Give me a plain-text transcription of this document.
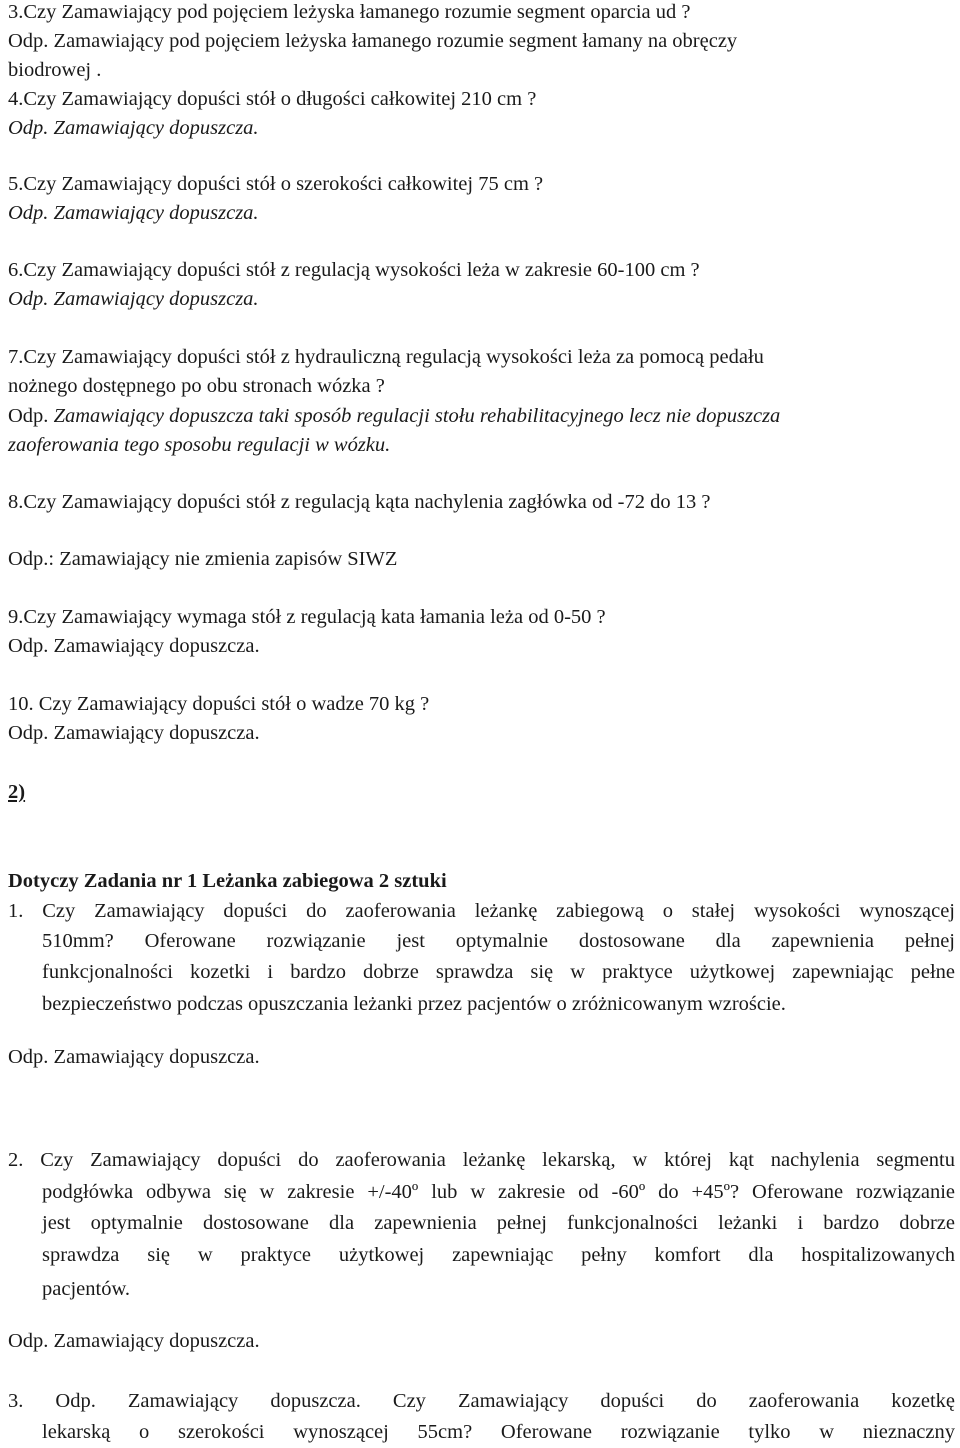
3.Czy Zamawiający pod pojęciem leżyska łamanego rozumie segment oparcia ud ?
Odp. Zamawiający pod pojęciem leżyska łamanego rozumie segment łamany na obręczy
biodrowej .
4.Czy Zamawiający dopuści stół o długości całkowitej 210 cm ?
Odp. Zamawiający dopuszcza.
5.Czy Zamawiający dopuści stół o szerokości całkowitej 75 cm ?
Odp. Zamawiający dopuszcza.
6.Czy Zamawiający dopuści stół z regulacją wysokości leża w zakresie 60-100 cm ?
Odp. Zamawiający dopuszcza.
7.Czy Zamawiający dopuści stół z hydrauliczną regulacją wysokości leża za pomocą pedału
nożnego dostępnego po obu stronach wózka ?
Odp. Zamawiający dopuszcza taki sposób regulacji stołu rehabilitacyjnego lecz nie dopuszcza
zaoferowania tego sposobu regulacji w wózku.
8.Czy Zamawiający dopuści stół z regulacją kąta nachylenia zagłówka od -72 do 13 ?
Odp.: Zamawiający nie zmienia zapisów SIWZ
9.Czy Zamawiający wymaga stół z regulacją kata łamania leża od 0-50 ?
Odp. Zamawiający dopuszcza.
10. Czy Zamawiający dopuści stół o wadze 70 kg ?
Odp. Zamawiający dopuszcza.
2)
Dotyczy Zadania nr 1 Leżanka zabiegowa 2 sztuki
1. Czy Zamawiający dopuści do zaoferowania leżankę zabiegową o stałej wysokości wynoszącej
510mm? Oferowane rozwiązanie jest optymalnie dostosowane dla zapewnienia pełnej
funkcjonalności kozetki i bardzo dobrze sprawdza się w praktyce użytkowej zapewniając pełne
bezpieczeństwo podczas opuszczania leżanki przez pacjentów o zróżnicowanym wzroście.
Odp. Zamawiający dopuszcza.
2. Czy Zamawiający dopuści do zaoferowania leżankę lekarską, w której kąt nachylenia segmentu
podgłówka odbywa się w zakresie +/-40º lub w zakresie od -60º do +45º? Oferowane rozwiązanie
jest optymalnie dostosowane dla zapewnienia pełnej funkcjonalności leżanki i bardzo dobrze
sprawdza się w praktyce użytkowej zapewniając pełny komfort dla hospitalizowanych
pacjentów.
Odp. Zamawiający dopuszcza.
3. Odp. Zamawiający dopuszcza. Czy Zamawiający dopuści do zaoferowania kozetkę
lekarską o szerokości wynoszącej 55cm? Oferowane rozwiązanie tylko w nieznaczny
